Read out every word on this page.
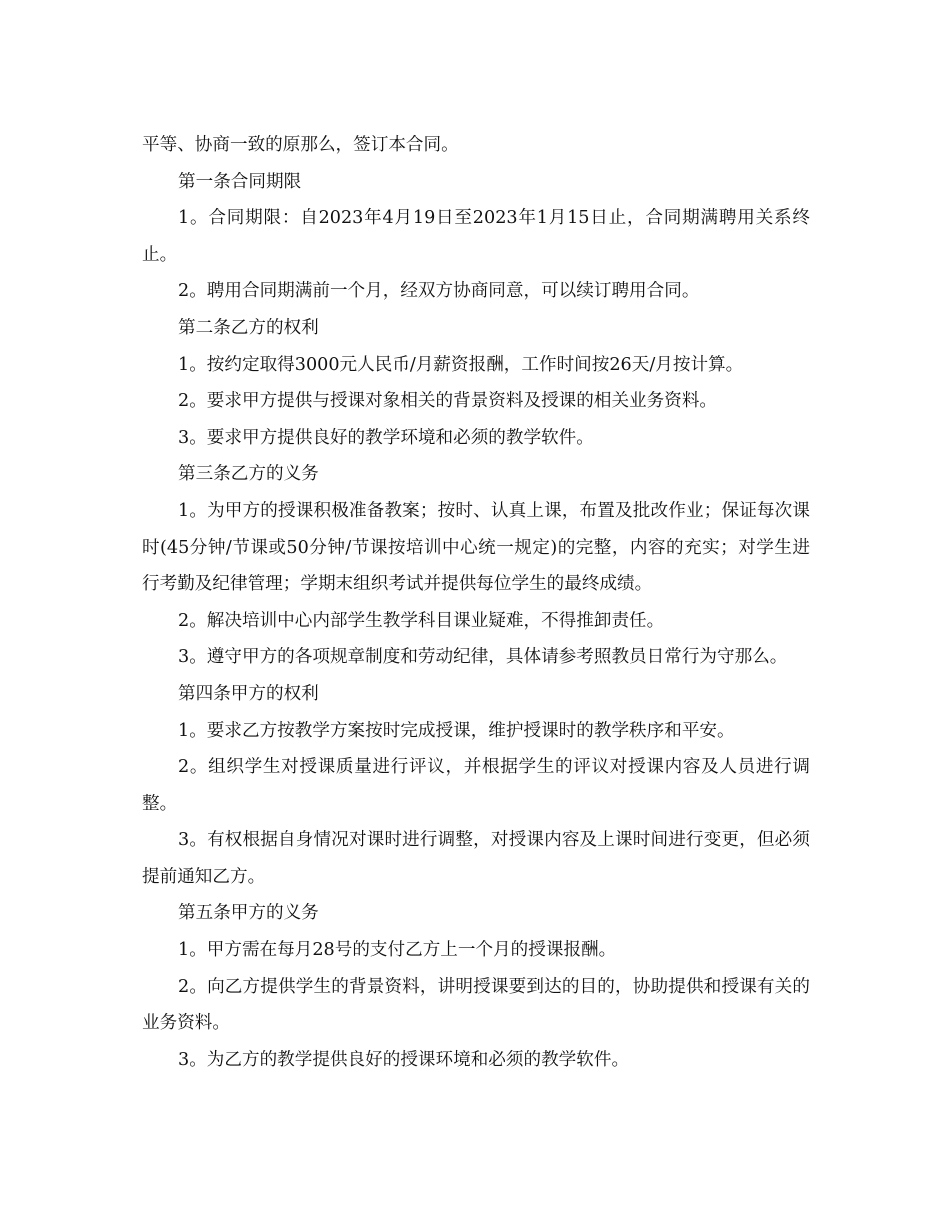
平等、协商一致的原那么，签订本合同。

第一条合同期限

1。合同期限：自2023年4月19日至2023年1月15日止，合同期满聘用关系终止。

2。聘用合同期满前一个月，经双方协商同意，可以续订聘用合同。

第二条乙方的权利

1。按约定取得3000元人民币/月薪资报酬，工作时间按26天/月按计算。

2。要求甲方提供与授课对象相关的背景资料及授课的相关业务资料。

3。要求甲方提供良好的教学环境和必须的教学软件。

第三条乙方的义务

1。为甲方的授课积极准备教案；按时、认真上课，布置及批改作业；保证每次课时(45分钟/节课或50分钟/节课按培训中心统一规定)的完整，内容的充实；对学生进行考勤及纪律管理；学期末组织考试并提供每位学生的最终成绩。

2。解决培训中心内部学生教学科目课业疑难，不得推卸责任。

3。遵守甲方的各项规章制度和劳动纪律，具体请参考照教员日常行为守那么。

第四条甲方的权利

1。要求乙方按教学方案按时完成授课，维护授课时的教学秩序和平安。

2。组织学生对授课质量进行评议，并根据学生的评议对授课内容及人员进行调整。

3。有权根据自身情况对课时进行调整，对授课内容及上课时间进行变更，但必须提前通知乙方。

第五条甲方的义务

1。甲方需在每月28号的支付乙方上一个月的授课报酬。

2。向乙方提供学生的背景资料，讲明授课要到达的目的，协助提供和授课有关的业务资料。

3。为乙方的教学提供良好的授课环境和必须的教学软件。
